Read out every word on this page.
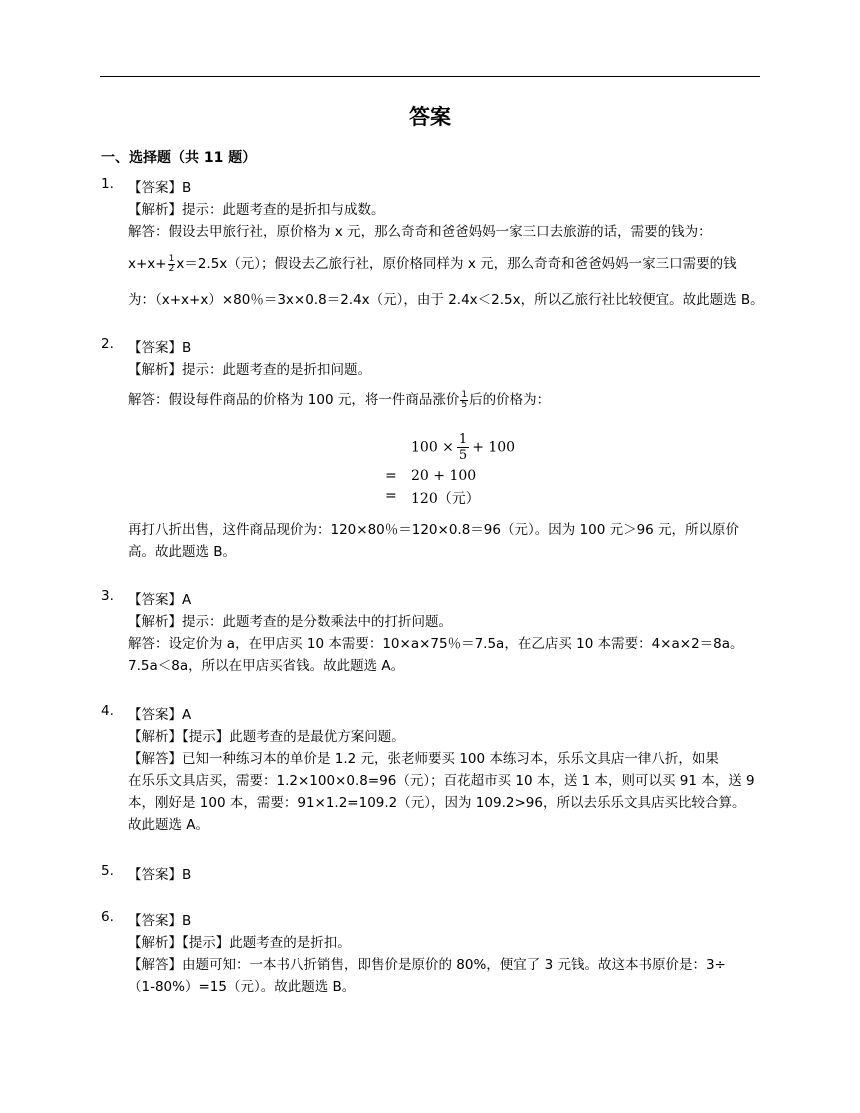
答案
一、选择题（共 11 题）
1. 【答案】B
【解析】提示：此题考查的是折扣与成数。
解答：假设去甲旅行社，原价格为 x 元，那么奇奇和爸爸妈妈一家三口去旅游的话，需要的钱为：
$x+x+ \frac{1}{2} x=2.5x$（元）；假设去乙旅行社，原价格同样为 x 元，那么奇奇和爸爸妈妈一家三口需要的钱
为：（x+x+x）×80％＝3x×0.8＝2.4x（元），由于 2.4x＜2.5x，所以乙旅行社比较便宜。故此题选 B。
2. 【答案】B
【解析】提示：此题考查的是折扣问题。
解答：假设每件商品的价格为 100 元，将一件商品涨价 $\frac{1}{5}$ 后的价格为：
$100 \times \frac{1}{5} + 100$
= 20 + 100
= 120（元）
再打八折出售，这件商品现价为：120×80％＝120×0.8＝96（元）。因为 100 元＞96 元，所以原价
高。故此题选 B。
3. 【答案】A
【解析】提示：此题考查的是分数乘法中的打折问题。
解答：设定价为 a，在甲店买 10 本需要：10×a×75％＝7.5a，在乙店买 10 本需要：4×a×2＝8a。
7.5a＜8a，所以在甲店买省钱。故此题选 A。
4. 【答案】A
【解析】【提示】此题考查的是最优方案问题。
【解答】已知一种练习本的单价是 1.2 元，张老师要买 100 本练习本，乐乐文具店一律八折，如果
在乐乐文具店买，需要：1.2×100×0.8=96（元）；百花超市买 10 本，送 1 本，则可以买 91 本，送 9
本，刚好是 100 本，需要：91×1.2=109.2（元），因为 109.2>96，所以去乐乐文具店买比较合算。
故此题选 A。
5. 【答案】B
6. 【答案】B
【解析】【提示】此题考查的是折扣。
【解答】由题可知：一本书八折销售，即售价是原价的 80%，便宜了 3 元钱。故这本书原价是：3÷
（1-80%）=15（元）。故此题选 B。
